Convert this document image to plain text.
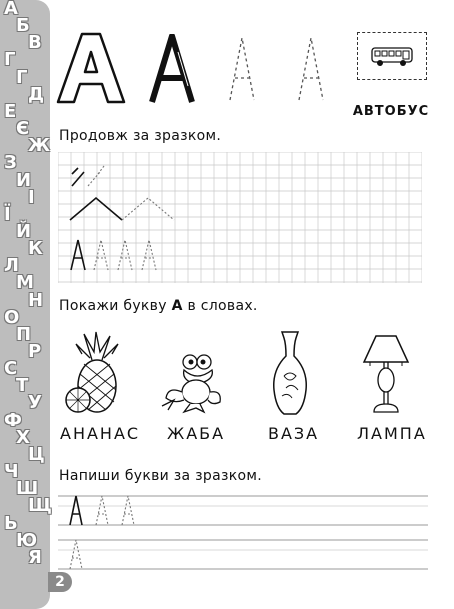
А
Б
В
Г
Г
Д
Е
Є
Ж
З
И
І
Ї
Й
К
Л
М
Н
О
П
Р
С
Т
У
Ф
Х
Ц
Ч
Ш
Щ
Ь
Ю
Я
2
АВТОБУС
Продовж за зразком.
Покажи букву А в словах.
АНАНАС ЖАБА	ВАЗА ЛАМПА
Напиши букви за зразком.
